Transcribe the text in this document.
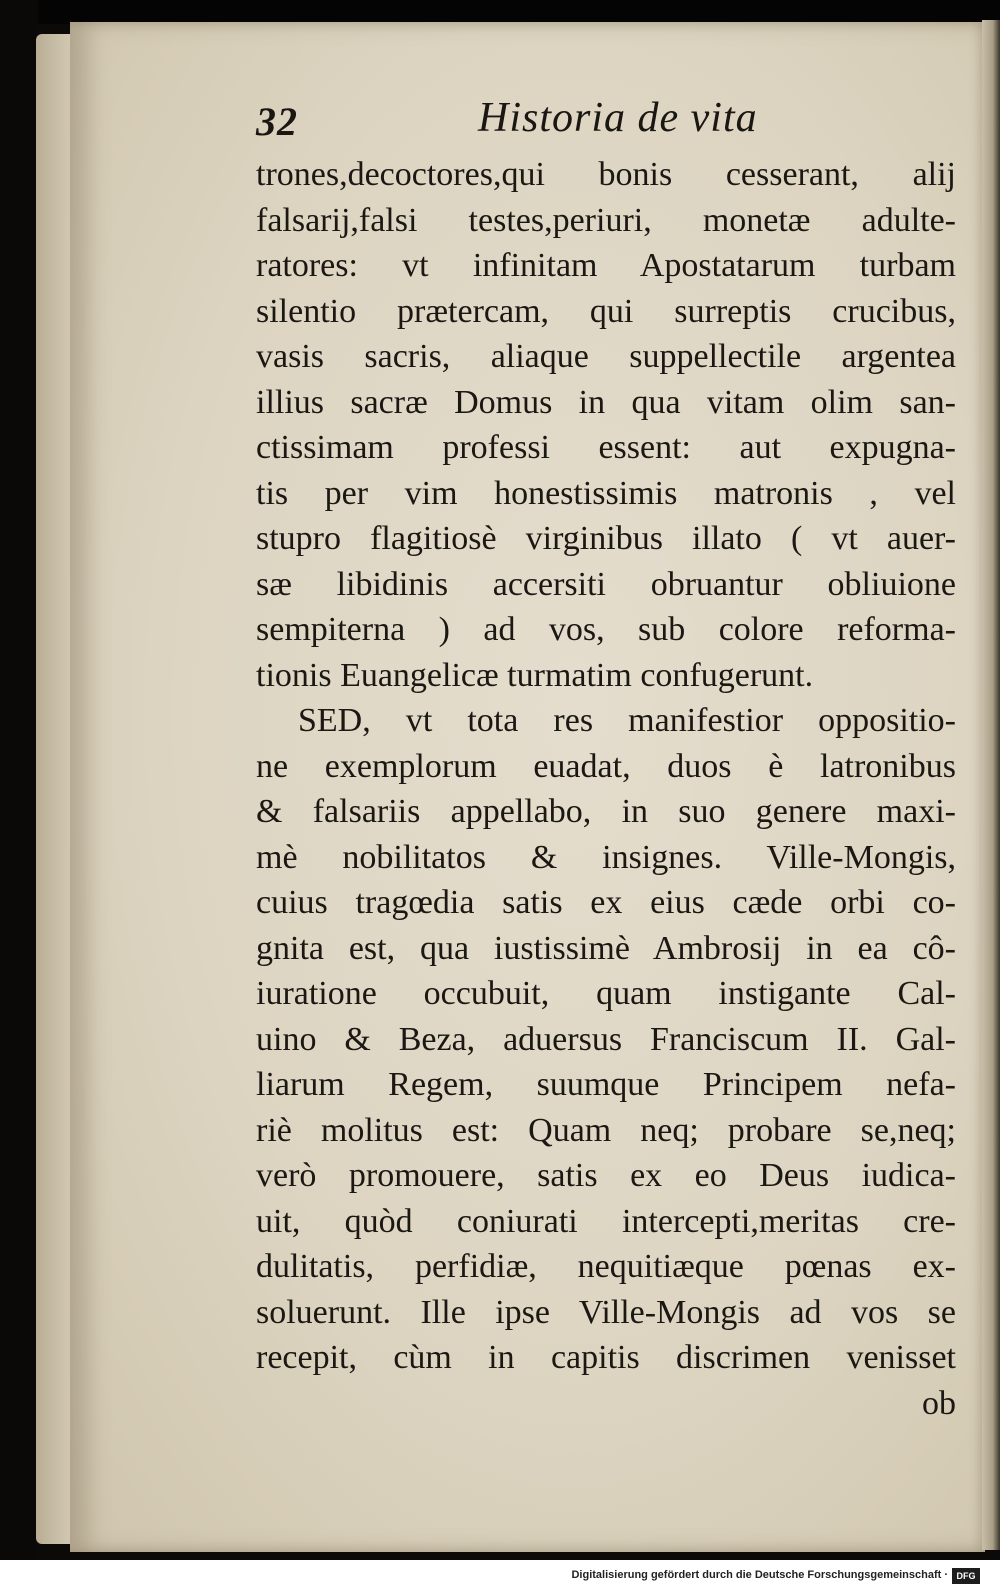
32	Historia de vita
trones,decoctores,qui bonis cesserant, alij
falsarij,falsi testes,periuri, monetæ adulte-
ratores: vt infinitam Apostatarum turbam
silentio prætercam, qui surreptis crucibus,
vasis sacris, aliaque suppellectile argentea
illius sacræ Domus in qua vitam olim san-
ctissimam professi essent: aut expugna-
tis per vim honestissimis matronis , vel
stupro flagitiosè virginibus illato ( vt auer-
sæ libidinis accersiti obruantur obliuione
sempiterna ) ad vos, sub colore reforma-
tionis Euangelicæ turmatim confugerunt.
SED, vt tota res manifestior oppositio-
ne exemplorum euadat, duos è latronibus
& falsariis appellabo, in suo genere maxi-
mè nobilitatos & insignes. Ville-Mongis,
cuius tragœdia satis ex eius cæde orbi co-
gnita est, qua iustissimè Ambrosij in ea cô-
iuratione occubuit, quam instigante Cal-
uino & Beza, aduersus Franciscum II. Gal-
liarum Regem, suumque Principem nefa-
riè molitus est: Quam neq; probare se,neq;
verò promouere, satis ex eo Deus iudica-
uit, quòd coniurati intercepti,meritas cre-
dulitatis, perfidiæ, nequitiæque pœnas ex-
soluerunt. Ille ipse Ville-Mongis ad vos se
recepit, cùm in capitis discrimen venisset
ob
Digitalisierung gefördert durch die Deutsche Forschungsgemeinschaft · DFG
